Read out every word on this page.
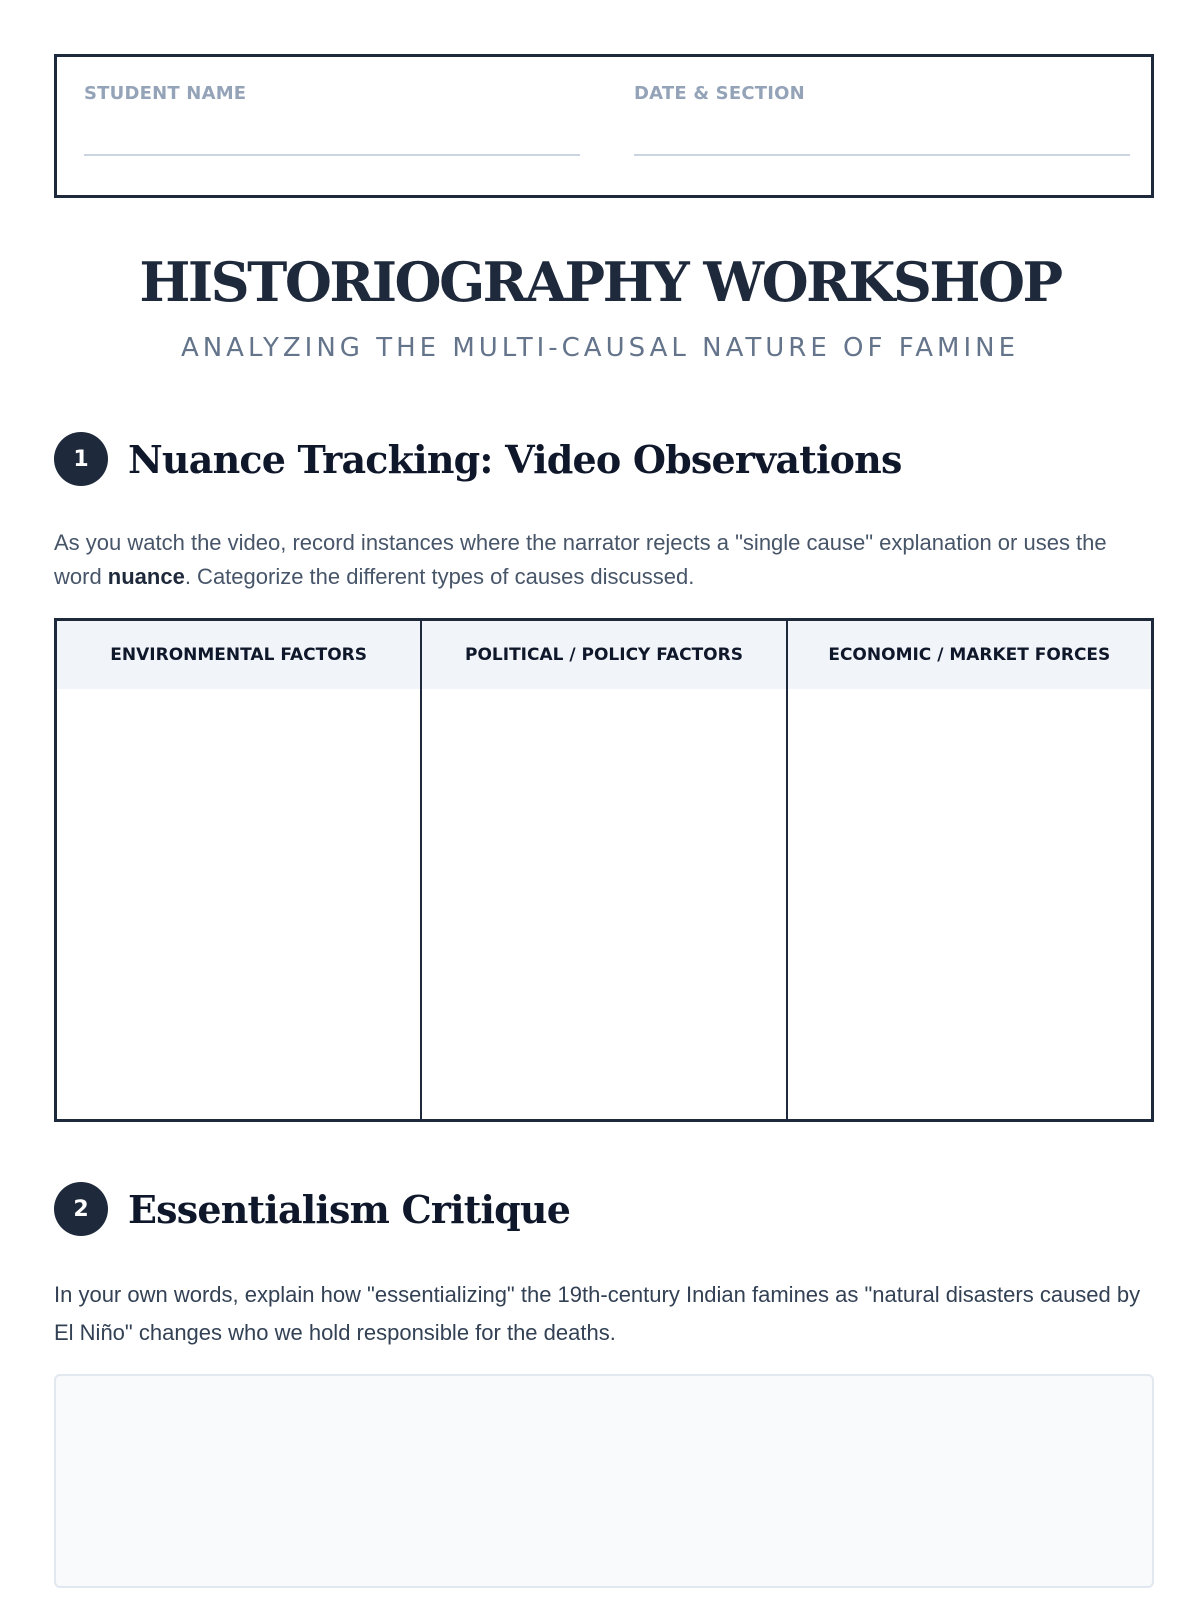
STUDENT NAME	DATE & SECTION
HISTORIOGRAPHY WORKSHOP
ANALYZING THE MULTI-CAUSAL NATURE OF FAMINE
1	Nuance Tracking: Video Observations
As you watch the video, record instances where the narrator rejects a "single cause" explanation or uses the word nuance. Categorize the different types of causes discussed.
ENVIRONMENTAL FACTORS	POLITICAL / POLICY FACTORS	ECONOMIC / MARKET FORCES
2	Essentialism Critique
In your own words, explain how "essentializing" the 19th-century Indian famines as "natural disasters caused by El Niño" changes who we hold responsible for the deaths.
